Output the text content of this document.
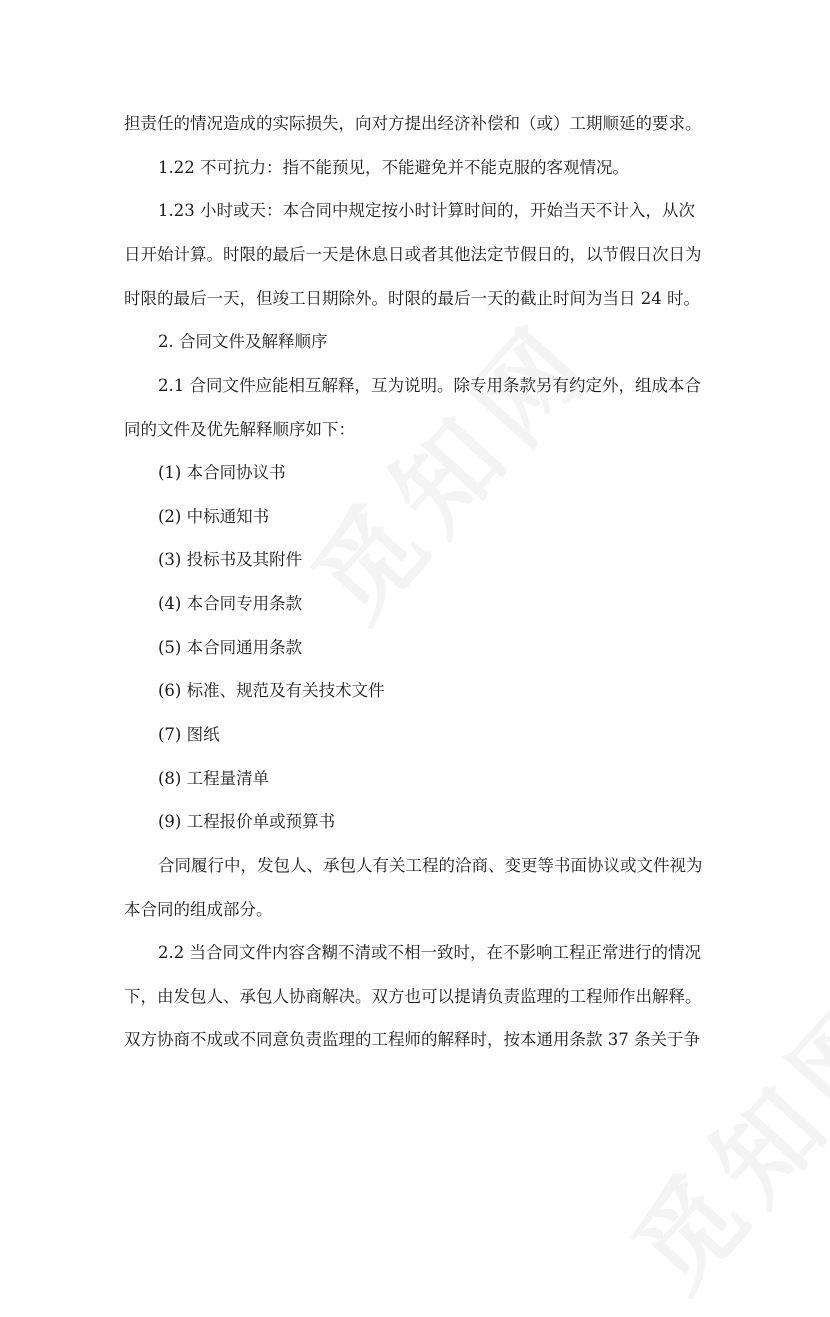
担责任的情况造成的实际损失，向对方提出经济补偿和（或）工期顺延的要求。
1.22 不可抗力：指不能预见，不能避免并不能克服的客观情况。
1.23 小时或天：本合同中规定按小时计算时间的，开始当天不计入，从次
日开始计算。时限的最后一天是休息日或者其他法定节假日的，以节假日次日为
时限的最后一天，但竣工日期除外。时限的最后一天的截止时间为当日 24 时。
2. 合同文件及解释顺序
2.1 合同文件应能相互解释，互为说明。除专用条款另有约定外，组成本合
同的文件及优先解释顺序如下：
(1) 本合同协议书
(2) 中标通知书
(3) 投标书及其附件
(4) 本合同专用条款
(5) 本合同通用条款
(6) 标准、规范及有关技术文件
(7) 图纸
(8) 工程量清单
(9) 工程报价单或预算书
合同履行中，发包人、承包人有关工程的洽商、变更等书面协议或文件视为
本合同的组成部分。
2.2 当合同文件内容含糊不清或不相一致时，在不影响工程正常进行的情况
下，由发包人、承包人协商解决。双方也可以提请负责监理的工程师作出解释。
双方协商不成或不同意负责监理的工程师的解释时，按本通用条款 37 条关于争
